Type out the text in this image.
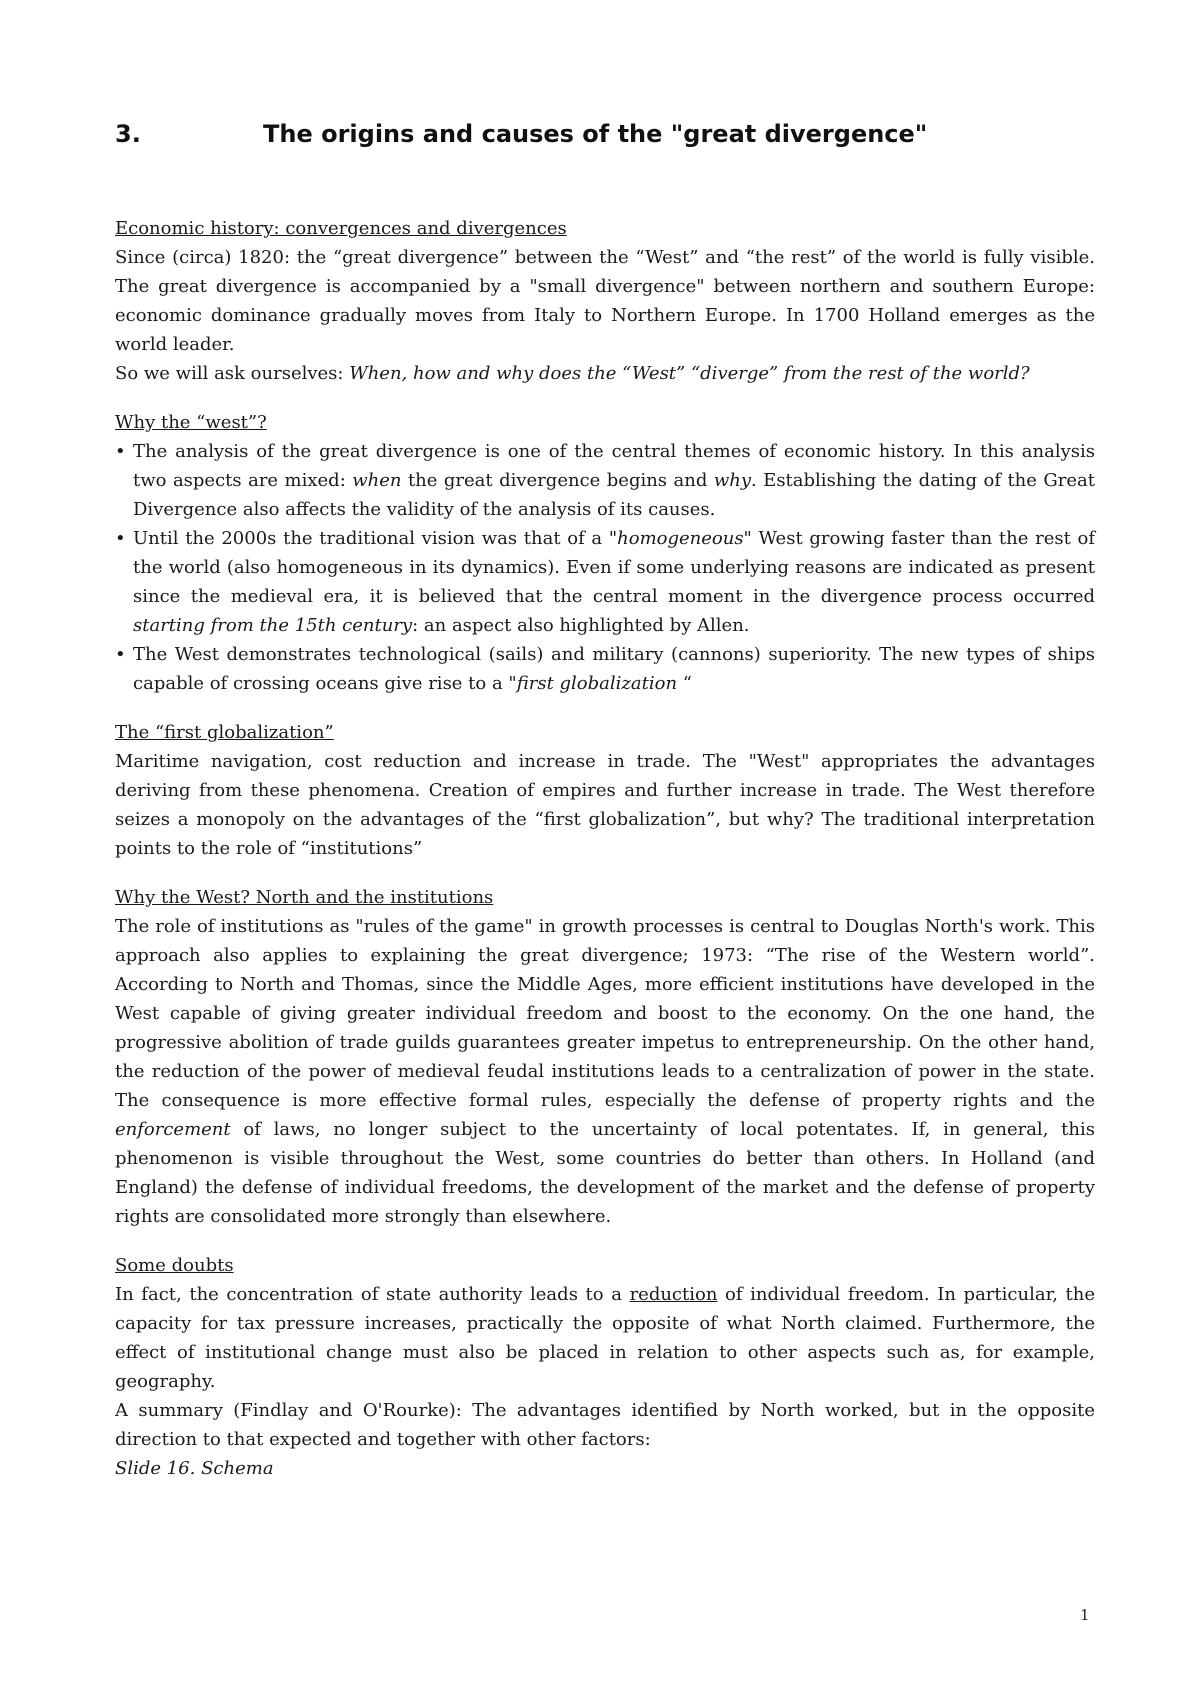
3.	The origins and causes of the "great divergence"

Economic history: convergences and divergences

Since (circa) 1820: the “great divergence” between the “West” and “the rest” of the world is fully visible. The great divergence is accompanied by a "small divergence" between northern and southern Europe: economic dominance gradually moves from Italy to Northern Europe. In 1700 Holland emerges as the world leader.

So we will ask ourselves: When, how and why does the “West” “diverge” from the rest of the world?

Why the “west”?

• The analysis of the great divergence is one of the central themes of economic history. In this analysis two aspects are mixed: when the great divergence begins and why. Establishing the dating of the Great Divergence also affects the validity of the analysis of its causes.
• Until the 2000s the traditional vision was that of a "homogeneous" West growing faster than the rest of the world (also homogeneous in its dynamics). Even if some underlying reasons are indicated as present since the medieval era, it is believed that the central moment in the divergence process occurred starting from the 15th century: an aspect also highlighted by Allen.
• The West demonstrates technological (sails) and military (cannons) superiority. The new types of ships capable of crossing oceans give rise to a "first globalization “

The “first globalization”

Maritime navigation, cost reduction and increase in trade. The "West" appropriates the advantages deriving from these phenomena. Creation of empires and further increase in trade. The West therefore seizes a monopoly on the advantages of the “first globalization”, but why? The traditional interpretation points to the role of “institutions”

Why the West? North and the institutions

The role of institutions as "rules of the game" in growth processes is central to Douglas North's work. This approach also applies to explaining the great divergence; 1973: “The rise of the Western world”. According to North and Thomas, since the Middle Ages, more efficient institutions have developed in the West capable of giving greater individual freedom and boost to the economy. On the one hand, the progressive abolition of trade guilds guarantees greater impetus to entrepreneurship. On the other hand, the reduction of the power of medieval feudal institutions leads to a centralization of power in the state. The consequence is more effective formal rules, especially the defense of property rights and the enforcement of laws, no longer subject to the uncertainty of local potentates. If, in general, this phenomenon is visible throughout the West, some countries do better than others. In Holland (and England) the defense of individual freedoms, the development of the market and the defense of property rights are consolidated more strongly than elsewhere.

Some doubts

In fact, the concentration of state authority leads to a reduction of individual freedom. In particular, the capacity for tax pressure increases, practically the opposite of what North claimed. Furthermore, the effect of institutional change must also be placed in relation to other aspects such as, for example, geography.

A summary (Findlay and O'Rourke): The advantages identified by North worked, but in the opposite direction to that expected and together with other factors:

Slide 16. Schema

1
